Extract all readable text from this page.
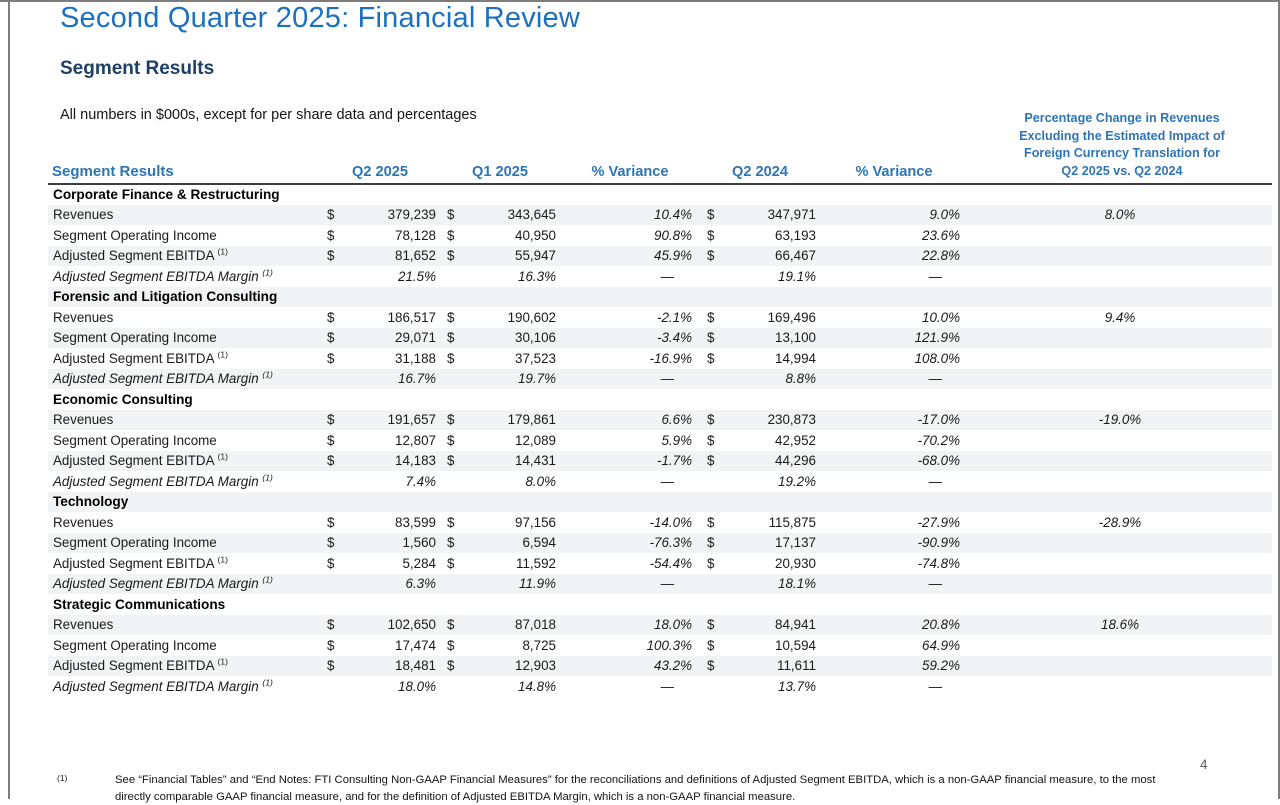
Second Quarter 2025: Financial Review
Segment Results
All numbers in $000s, except for per share data and percentages	Percentage Change in Revenues
Excluding the Estimated Impact of
Foreign Currency Translation for
Q2 2025 vs. Q2 2024
Segment Results	Q2 2025		Q1 2025		% Variance	Q2 2024		% Variance	
Corporate Finance & Restructuring									
Revenues	$	379,239	$	343,645	10.4%	$	347,971	9.0%	8.0%
Segment Operating Income	$	78,128	$	40,950	90.8%	$	63,193	23.6%	
Adjusted Segment EBITDA $^{(1)}$	$	81,652	$	55,947	45.9%	$	66,467	22.8%	
Adjusted Segment EBITDA Margin $^{(1)}$		21.5%		16.3%	—		19.1%	—	
Forensic and Litigation Consulting									
Revenues	$	186,517	$	190,602	-2.1%	$	169,496	10.0%	9.4%
Segment Operating Income	$	29,071	$	30,106	-3.4%	$	13,100	121.9%	
Adjusted Segment EBITDA $^{(1)}$	$	31,188	$	37,523	-16.9%	$	14,994	108.0%	
Adjusted Segment EBITDA Margin $^{(1)}$		16.7%		19.7%	—		8.8%	—	
Economic Consulting									
Revenues	$	191,657	$	179,861	6.6%	$	230,873	-17.0%	-19.0%
Segment Operating Income	$	12,807	$	12,089	5.9%	$	42,952	-70.2%	
Adjusted Segment EBITDA $^{(1)}$	$	14,183	$	14,431	-1.7%	$	44,296	-68.0%	
Adjusted Segment EBITDA Margin $^{(1)}$		7.4%		8.0%	—		19.2%	—	
Technology									
Revenues	$	83,599	$	97,156	-14.0%	$	115,875	-27.9%	-28.9%
Segment Operating Income	$	1,560	$	6,594	-76.3%	$	17,137	-90.9%	
Adjusted Segment EBITDA $^{(1)}$	$	5,284	$	11,592	-54.4%	$	20,930	-74.8%	
Adjusted Segment EBITDA Margin $^{(1)}$		6.3%		11.9%	—		18.1%	—	
Strategic Communications									
Revenues	$	102,650	$	87,018	18.0%	$	84,941	20.8%	18.6%
Segment Operating Income	$	17,474	$	8,725	100.3%	$	10,594	64.9%	
Adjusted Segment EBITDA $^{(1)}$	$	18,481	$	12,903	43.2%	$	11,611	59.2%	
Adjusted Segment EBITDA Margin $^{(1)}$		18.0%		14.8%	—		13.7%	—	
(1)	See “Financial Tables” and “End Notes: FTI Consulting Non-GAAP Financial Measures” for the reconciliations and definitions of Adjusted Segment EBITDA, which is a non-GAAP financial measure, to the most directly comparable GAAP financial measure, and for the definition of Adjusted EBITDA Margin, which is a non-GAAP financial measure.
4
